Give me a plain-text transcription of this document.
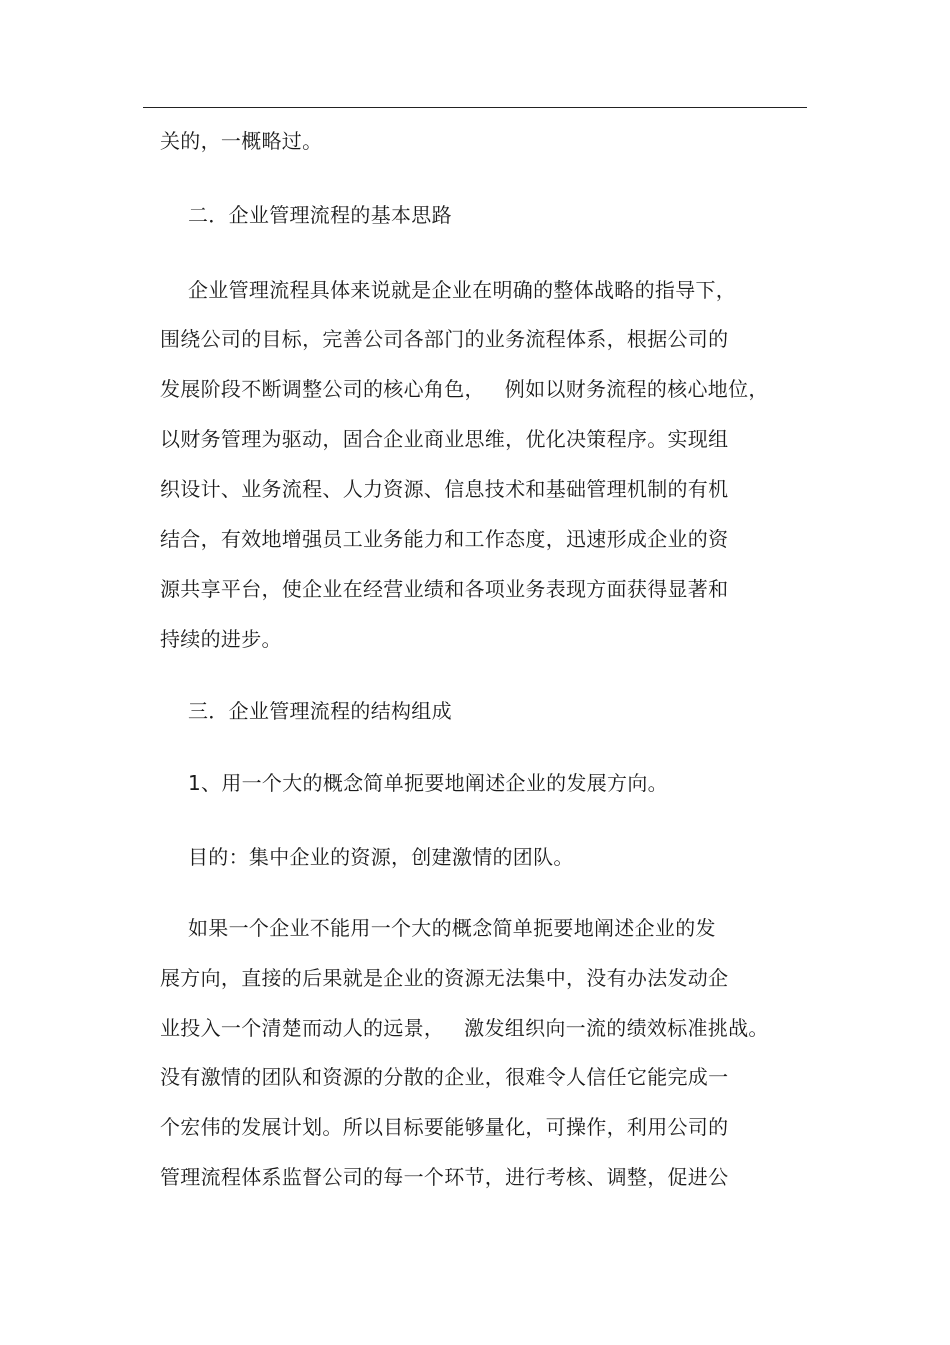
关的，一概略过。
二．企业管理流程的基本思路
企业管理流程具体来说就是企业在明确的整体战略的指导下，
围绕公司的目标，完善公司各部门的业务流程体系，根据公司的
发展阶段不断调整公司的核心角色，   例如以财务流程的核心地位，
以财务管理为驱动，固合企业商业思维，优化决策程序。实现组
织设计、业务流程、人力资源、信息技术和基础管理机制的有机
结合，有效地增强员工业务能力和工作态度，迅速形成企业的资
源共享平台，使企业在经营业绩和各项业务表现方面获得显著和
持续的进步。
三．企业管理流程的结构组成
1、用一个大的概念简单扼要地阐述企业的发展方向。
目的：集中企业的资源，创建激情的团队。
如果一个企业不能用一个大的概念简单扼要地阐述企业的发
展方向，直接的后果就是企业的资源无法集中，没有办法发动企
业投入一个清楚而动人的远景，   激发组织向一流的绩效标准挑战。
没有激情的团队和资源的分散的企业，很难令人信任它能完成一
个宏伟的发展计划。所以目标要能够量化，可操作，利用公司的
管理流程体系监督公司的每一个环节，进行考核、调整，促进公
